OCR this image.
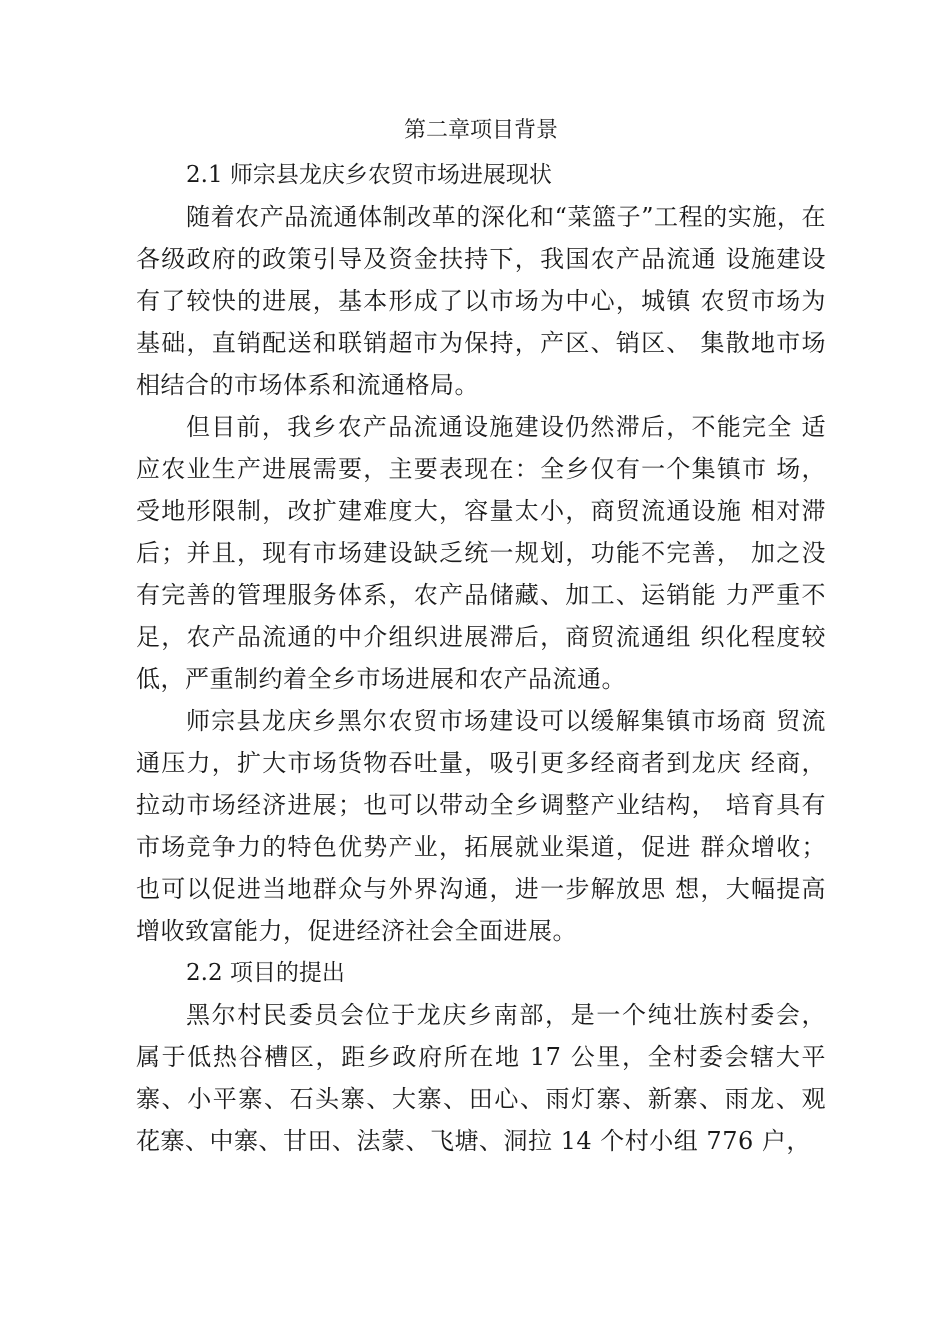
第二章项目背景
2.1 师宗县龙庆乡农贸市场进展现状

随着农产品流通体制改革的深化和“菜篮子”工程的实施，在各级政府的政策引导及资金扶持下，我国农产品流通 设施建设有了较快的进展，基本形成了以市场为中心，城镇 农贸市场为基础，直销配送和联销超市为保持，产区、销区、 集散地市场相结合的市场体系和流通格局。

但目前，我乡农产品流通设施建设仍然滞后，不能完全 适应农业生产进展需要，主要表现在：全乡仅有一个集镇市 场，受地形限制，改扩建难度大，容量太小，商贸流通设施 相对滞后；并且，现有市场建设缺乏统一规划，功能不完善， 加之没有完善的管理服务体系，农产品储藏、加工、运销能 力严重不足，农产品流通的中介组织进展滞后，商贸流通组 织化程度较低，严重制约着全乡市场进展和农产品流通。

师宗县龙庆乡黑尔农贸市场建设可以缓解集镇市场商 贸流通压力，扩大市场货物吞吐量，吸引更多经商者到龙庆 经商，拉动市场经济进展；也可以带动全乡调整产业结构， 培育具有市场竞争力的特色优势产业，拓展就业渠道，促进 群众增收；也可以促进当地群众与外界沟通，进一步解放思 想，大幅提高增收致富能力，促进经济社会全面进展。

2.2 项目的提出

黑尔村民委员会位于龙庆乡南部，是一个纯壮族村委会， 属于低热谷槽区，距乡政府所在地 17 公里，全村委会辖大平 寨、小平寨、石头寨、大寨、田心、雨灯寨、新寨、雨龙、观 花寨、中寨、甘田、法蒙、飞塘、洞拉 14 个村小组 776 户，
